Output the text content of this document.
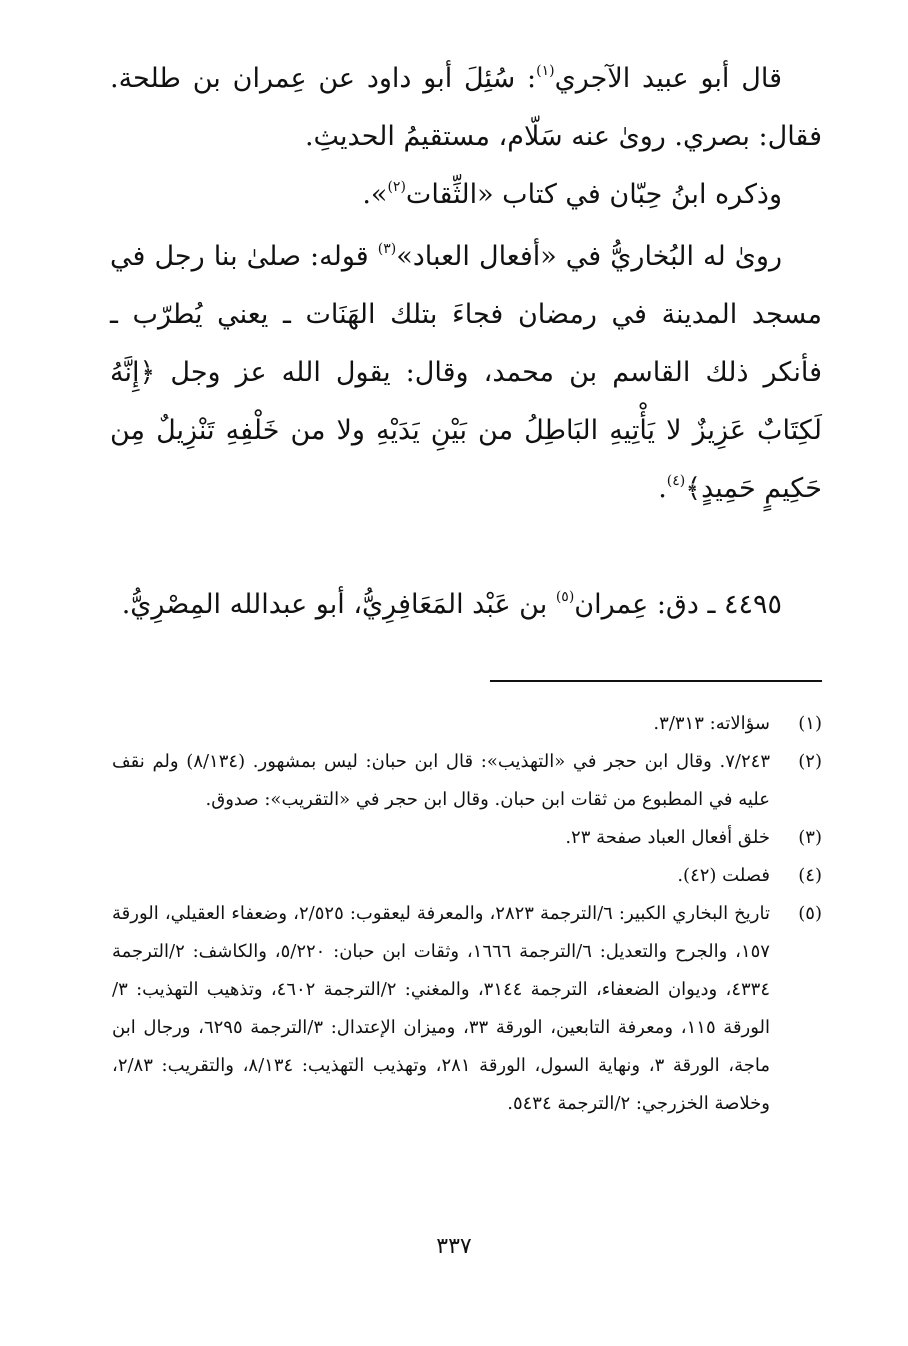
قال أبو عبيد الآجري$^{(١)}$: سُئِلَ أبو داود عن عِمران بن طلحة. فقال: بصري. روىٰ عنه سَلّام، مستقيمُ الحديثِ.

وذكره ابنُ حِبّان في كتاب «الثِّقات$^{(٢)}$».

روىٰ له البُخاريُّ في «أفعال العباد»$^{(٣)}$ قوله: صلىٰ بنا رجل في مسجد المدينة في رمضان فجاءَ بتلك الهَنَات ـ يعني يُطرّب ـ فأنكر ذلك القاسم بن محمد، وقال: يقول الله عز وجل ﴿إِنَّهُ لَكِتَابٌ عَزِيزٌ لا يَأْتِيهِ البَاطِلُ من بَيْنِ يَدَيْهِ ولا من خَلْفِهِ تَنْزِيلٌ مِن حَكِيمٍ حَمِيدٍ﴾$^{(٤)}$.

٤٤٩٥ ـ دق: عِمران$^{(٥)}$ بن عَبْد المَعَافِرِيُّ، أبو عبدالله المِصْرِيُّ.

(١)
سؤالاته: ٣/٣١٣.
(٢)
٧/٢٤٣. وقال ابن حجر في «التهذيب»: قال ابن حبان: ليس بمشهور. (٨/١٣٤) ولم نقف عليه في المطبوع من ثقات ابن حبان. وقال ابن حجر في «التقريب»: صدوق.
(٣)
خلق أفعال العباد صفحة ٢٣.
(٤)
فصلت (٤٢).
(٥)
تاريخ البخاري الكبير: ٦/الترجمة ٢٨٢٣، والمعرفة ليعقوب: ٢/٥٢٥، وضعفاء العقيلي، الورقة ١٥٧، والجرح والتعديل: ٦/الترجمة ١٦٦٦، وثقات ابن حبان: ٥/٢٢٠، والكاشف: ٢/الترجمة ٤٣٣٤، وديوان الضعفاء، الترجمة ٣١٤٤، والمغني: ٢/الترجمة ٤٦٠٢، وتذهيب التهذيب: ٣/الورقة ١١٥، ومعرفة التابعين، الورقة ٣٣، وميزان الإعتدال: ٣/الترجمة ٦٢٩٥، ورجال ابن ماجة، الورقة ٣، ونهاية السول، الورقة ٢٨١، وتهذيب التهذيب: ٨/١٣٤، والتقريب: ٢/٨٣، وخلاصة الخزرجي: ٢/الترجمة ٥٤٣٤.
٣٣٧
